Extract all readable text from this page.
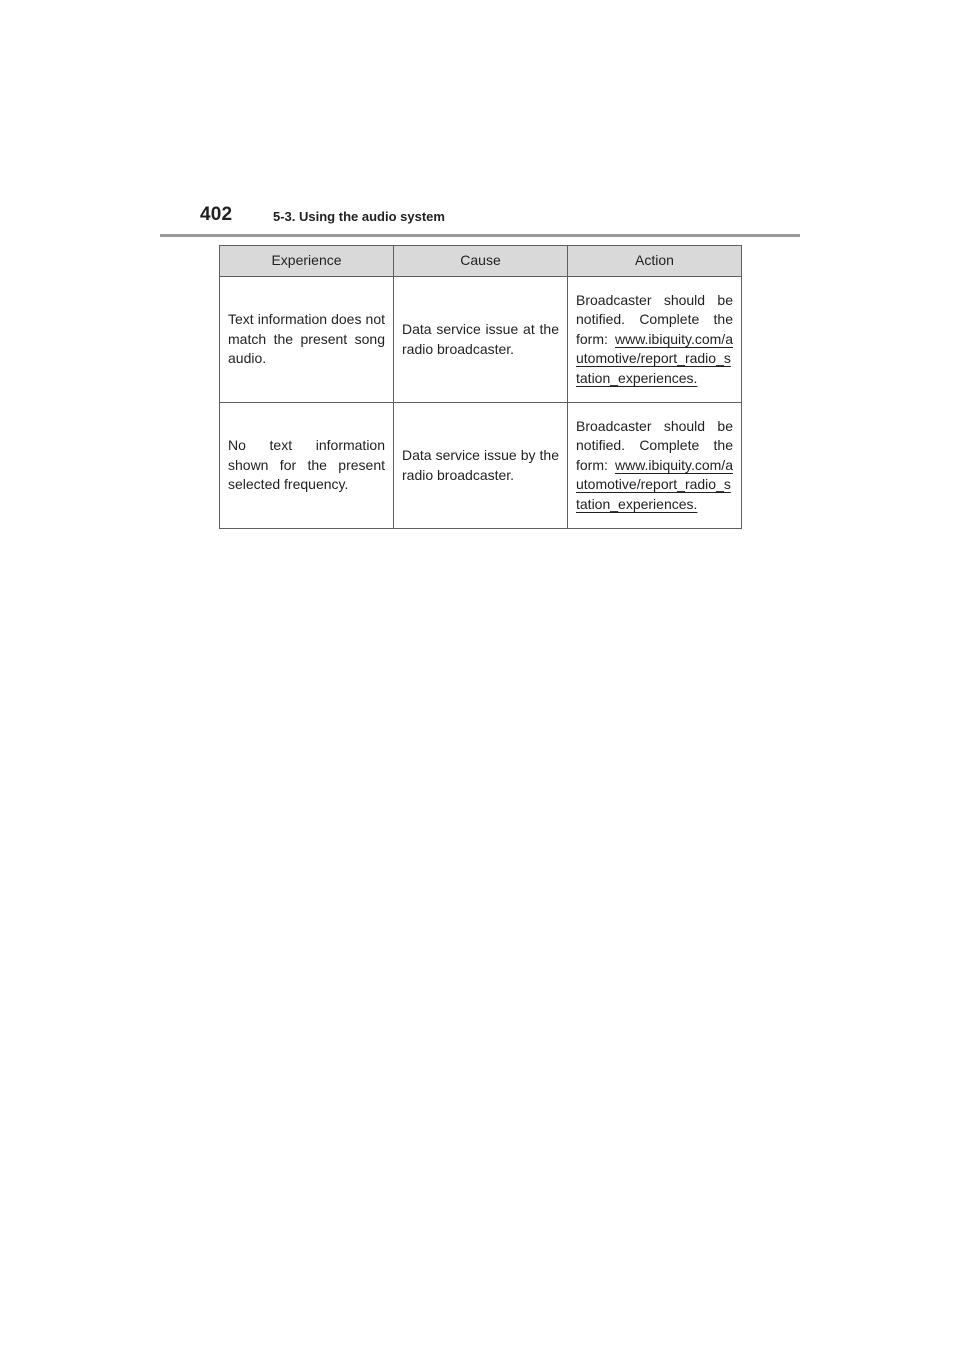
402	5-3. Using the audio system
Experience	Cause	Action
Text information does not match the present song audio.	Data service issue at the radio broadcaster.	Broadcaster should be notified. Complete the form: www.ibiquity.com/automotive/report_radio_station_experiences.
No text information shown for the present selected frequency.	Data service issue by the radio broadcaster.	Broadcaster should be notified. Complete the form: www.ibiquity.com/automotive/report_radio_station_experiences.
